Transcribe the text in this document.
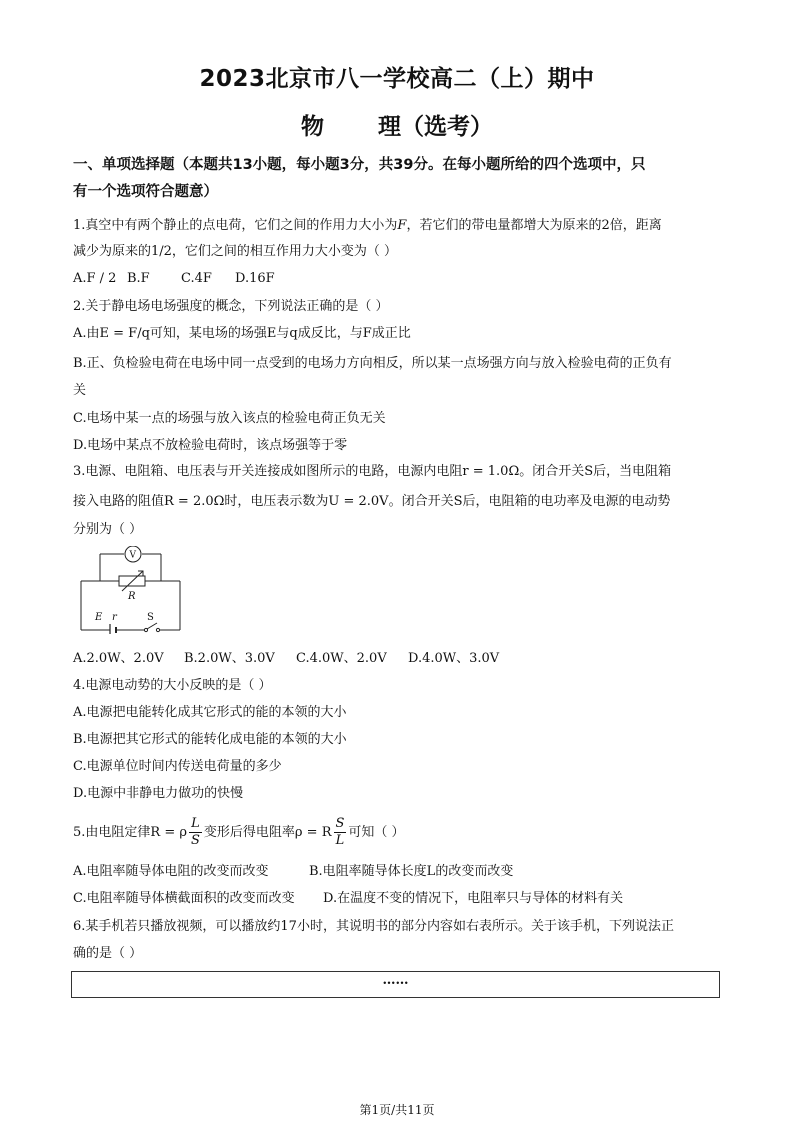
2023北京市八一学校高二（上）期中
物 理（选考）
一、单项选择题（本题共13小题，每小题3分，共39分。在每小题所给的四个选项中，只
有一个选项符合题意）
1.真空中有两个静止的点电荷，它们之间的作用力大小为F，若它们的带电量都增大为原来的2倍，距离
减少为原来的1/2，它们之间的相互作用力大小变为（ ）
A.F / 2 B.F C.4F D.16F
2.关于静电场电场强度的概念，下列说法正确的是（ ）
A.由E = F/q可知，某电场的场强E与q成反比，与F成正比
B.正、负检验电荷在电场中同一点受到的电场力方向相反，所以某一点场强方向与放入检验电荷的正负有
关
C.电场中某一点的场强与放入该点的检验电荷正负无关
D.电场中某点不放检验电荷时，该点场强等于零
3.电源、电阻箱、电压表与开关连接成如图所示的电路，电源内电阻r = 1.0Ω。闭合开关S后，当电阻箱
接入电路的阻值R = 2.0Ω时，电压表示数为U = 2.0V。闭合开关S后，电阻箱的电功率及电源的电动势
分别为（ ）
V
R
E r	S
A.2.0W、2.0V B.2.0W、3.0V C.4.0W、2.0V D.4.0W、3.0V
4.电源电动势的大小反映的是（ ）
A.电源把电能转化成其它形式的能的本领的大小
B.电源把其它形式的能转化成电能的本领的大小
C.电源单位时间内传送电荷量的多少
D.电源中非静电力做功的快慢
5.由电阻定律R = ρ $\frac{L}{S}$ 变形后得电阻率ρ = R $\frac{S}{L}$ 可知（ ）
A.电阻率随导体电阻的改变而改变	B.电阻率随导体长度L的改变而改变
C.电阻率随导体横截面积的改变而改变 D.在温度不变的情况下，电阻率只与导体的材料有关
6.某手机若只播放视频，可以播放约17小时，其说明书的部分内容如右表所示。关于该手机，下列说法正
确的是（ ）
……
第1页/共11页
